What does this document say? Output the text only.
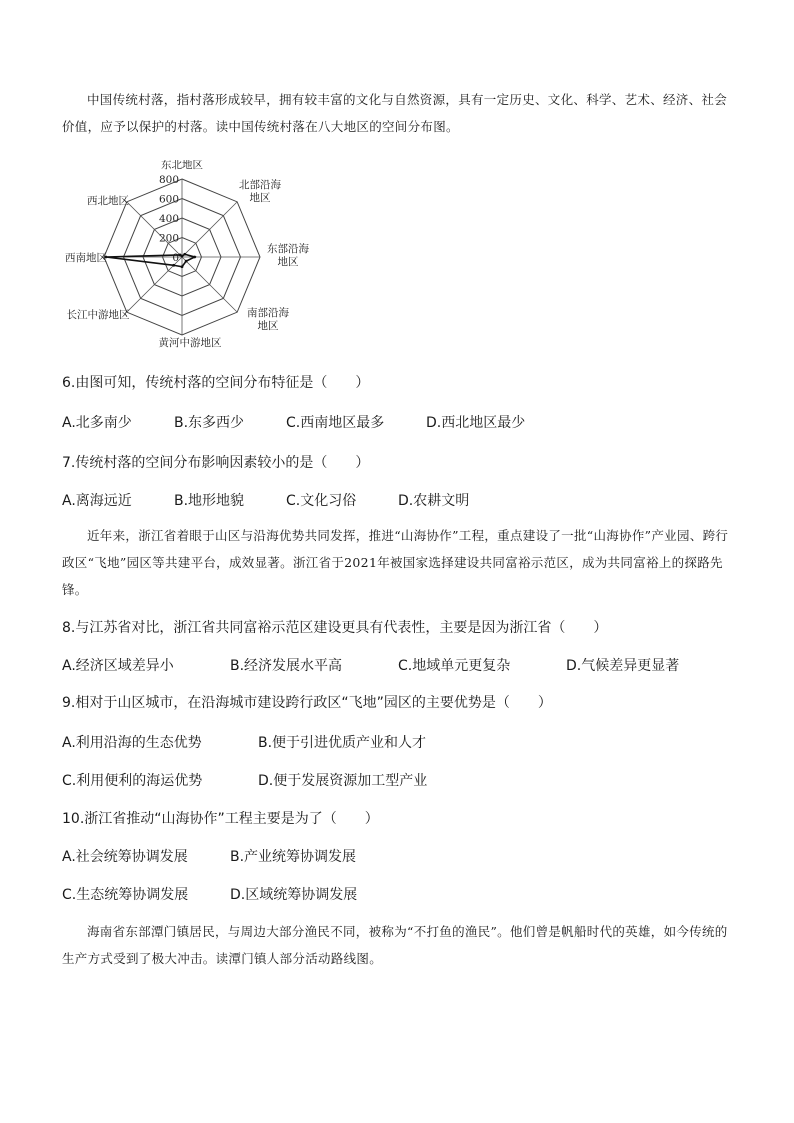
中国传统村落，指村落形成较早，拥有较丰富的文化与自然资源，具有一定历史、文化、科学、艺术、经济、社会价值，应予以保护的村落。读中国传统村落在八大地区的空间分布图。

0
200
400
600
800
东北地区
北部沿海
地区
东部沿海
地区
南部沿海
地区
黄河中游地区
长江中游地区
西南地区
西北地区

6.由图可知，传统村落的空间分布特征是（　　）

A.北多南少	B.东多西少	C.西南地区最多	D.西北地区最少

7.传统村落的空间分布影响因素较小的是（　　）

A.离海远近	B.地形地貌	C.文化习俗	D.农耕文明

近年来，浙江省着眼于山区与沿海优势共同发挥，推进“山海协作”工程，重点建设了一批“山海协作”产业园、跨行政区“飞地”园区等共建平台，成效显著。浙江省于2021年被国家选择建设共同富裕示范区，成为共同富裕上的探路先锋。

8.与江苏省对比，浙江省共同富裕示范区建设更具有代表性，主要是因为浙江省（　　）

A.经济区域差异小	B.经济发展水平高	C.地域单元更复杂	D.气候差异更显著

9.相对于山区城市，在沿海城市建设跨行政区“飞地”园区的主要优势是（　　）

A.利用沿海的生态优势	B.便于引进优质产业和人才
C.利用便利的海运优势	D.便于发展资源加工型产业

10.浙江省推动“山海协作”工程主要是为了（　　）

A.社会统筹协调发展	B.产业统筹协调发展
C.生态统筹协调发展	D.区域统筹协调发展

海南省东部潭门镇居民，与周边大部分渔民不同，被称为“不打鱼的渔民”。他们曾是帆船时代的英雄，如今传统的生产方式受到了极大冲击。读潭门镇人部分活动路线图。
